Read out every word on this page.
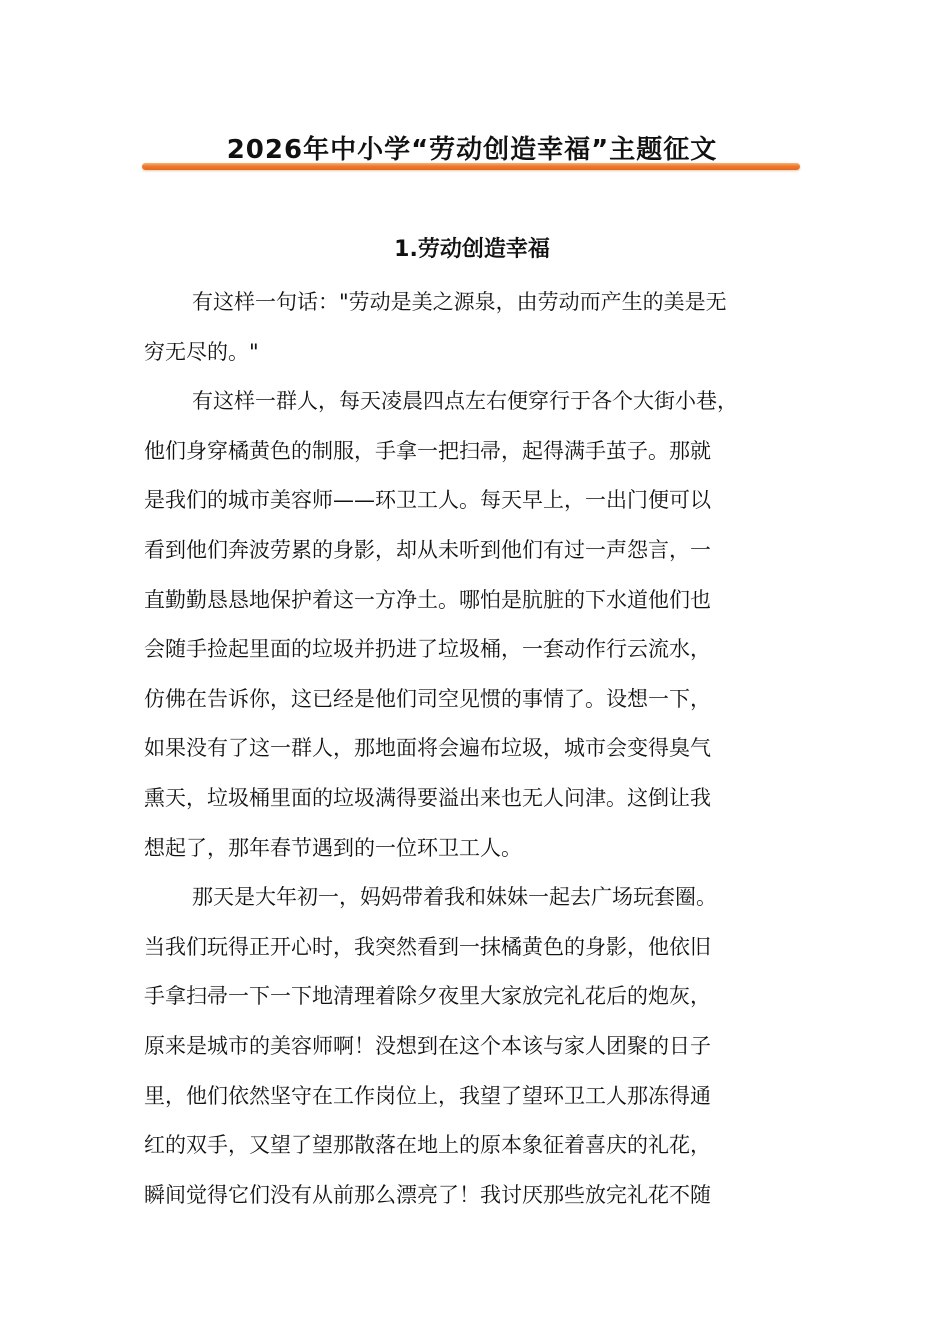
2026年中小学“劳动创造幸福”主题征文
1.劳动创造幸福

有这样一句话："劳动是美之源泉，由劳动而产生的美是无
穷无尽的。"

有这样一群人，每天凌晨四点左右便穿行于各个大街小巷，
他们身穿橘黄色的制服，手拿一把扫帚，起得满手茧子。那就
是我们的城市美容师——环卫工人。每天早上，一出门便可以
看到他们奔波劳累的身影，却从未听到他们有过一声怨言，一
直勤勤恳恳地保护着这一方净土。哪怕是肮脏的下水道他们也
会随手捡起里面的垃圾并扔进了垃圾桶，一套动作行云流水，
仿佛在告诉你，这已经是他们司空见惯的事情了。设想一下，
如果没有了这一群人，那地面将会遍布垃圾，城市会变得臭气
熏天，垃圾桶里面的垃圾满得要溢出来也无人问津。这倒让我
想起了，那年春节遇到的一位环卫工人。

那天是大年初一，妈妈带着我和妹妹一起去广场玩套圈。
当我们玩得正开心时，我突然看到一抹橘黄色的身影，他依旧
手拿扫帚一下一下地清理着除夕夜里大家放完礼花后的炮灰，
原来是城市的美容师啊！没想到在这个本该与家人团聚的日子
里，他们依然坚守在工作岗位上，我望了望环卫工人那冻得通
红的双手，又望了望那散落在地上的原本象征着喜庆的礼花，
瞬间觉得它们没有从前那么漂亮了！我讨厌那些放完礼花不随
